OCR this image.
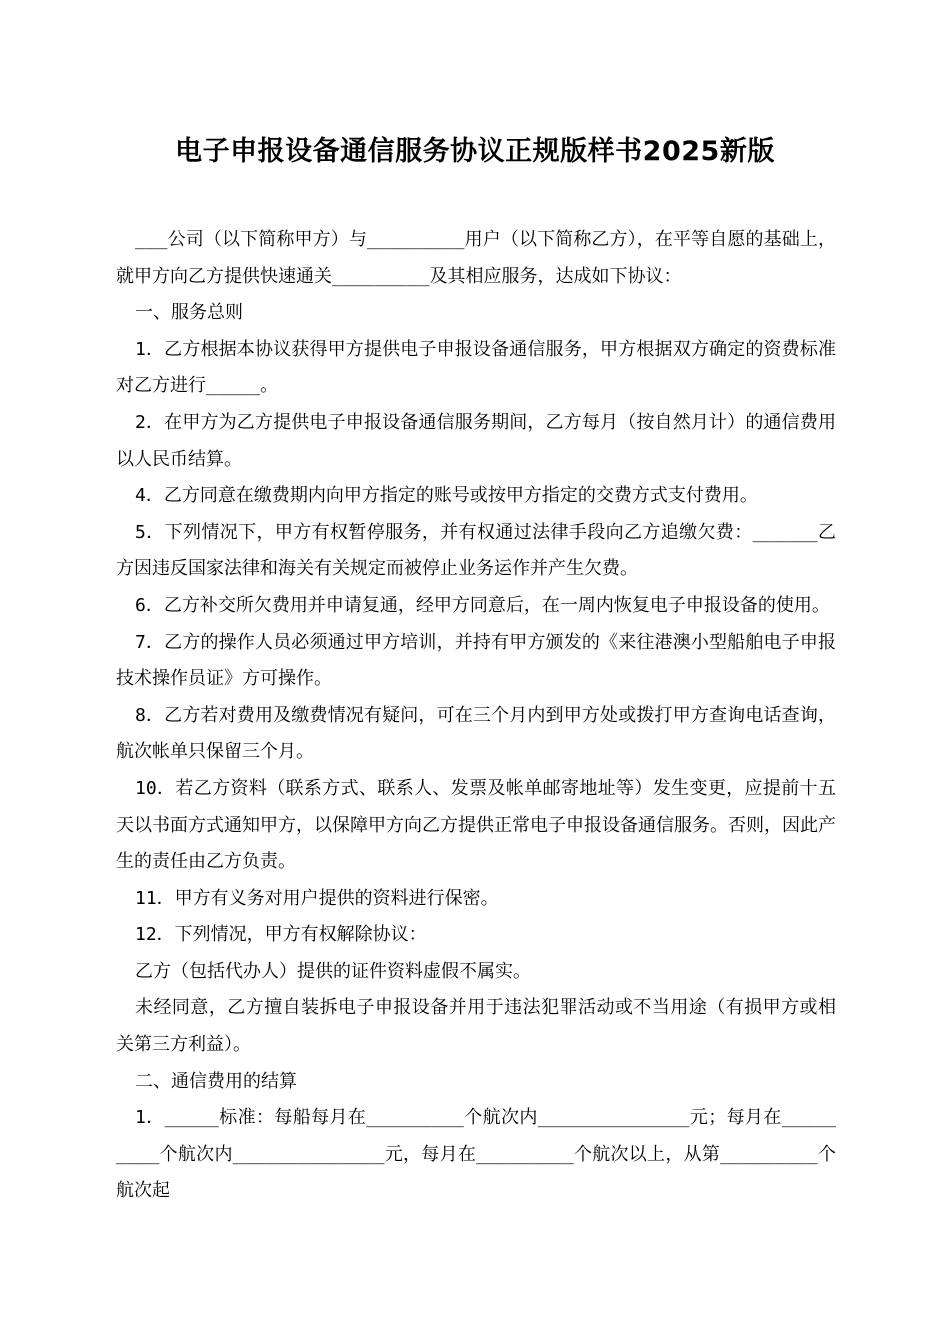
电子申报设备通信服务协议正规版样书2025新版

___公司（以下简称甲方）与_________用户（以下简称乙方），在平等自愿的基础上，就甲方向乙方提供快速通关_________及其相应服务，达成如下协议：

一、服务总则

1．乙方根据本协议获得甲方提供电子申报设备通信服务，甲方根据双方确定的资费标准对乙方进行_____。

2．在甲方为乙方提供电子申报设备通信服务期间，乙方每月（按自然月计）的通信费用以人民币结算。

4．乙方同意在缴费期内向甲方指定的账号或按甲方指定的交费方式支付费用。

5．下列情况下，甲方有权暂停服务，并有权通过法律手段向乙方追缴欠费：______乙方因违反国家法律和海关有关规定而被停止业务运作并产生欠费。

6．乙方补交所欠费用并申请复通，经甲方同意后，在一周内恢复电子申报设备的使用。

7．乙方的操作人员必须通过甲方培训，并持有甲方颁发的《来往港澳小型船舶电子申报技术操作员证》方可操作。

8．乙方若对费用及缴费情况有疑问，可在三个月内到甲方处或拨打甲方查询电话查询，航次帐单只保留三个月。

10．若乙方资料（联系方式、联系人、发票及帐单邮寄地址等）发生变更，应提前十五天以书面方式通知甲方，以保障甲方向乙方提供正常电子申报设备通信服务。否则，因此产生的责任由乙方负责。

11．甲方有义务对用户提供的资料进行保密。

12．下列情况，甲方有权解除协议：

乙方（包括代办人）提供的证件资料虚假不属实。

未经同意，乙方擅自装拆电子申报设备并用于违法犯罪活动或不当用途（有损甲方或相关第三方利益）。

二、通信费用的结算

1．_____标准：每船每月在_________个航次内______________元；每月在_________个航次内______________元，每月在_________个航次以上，从第_________个航次起
